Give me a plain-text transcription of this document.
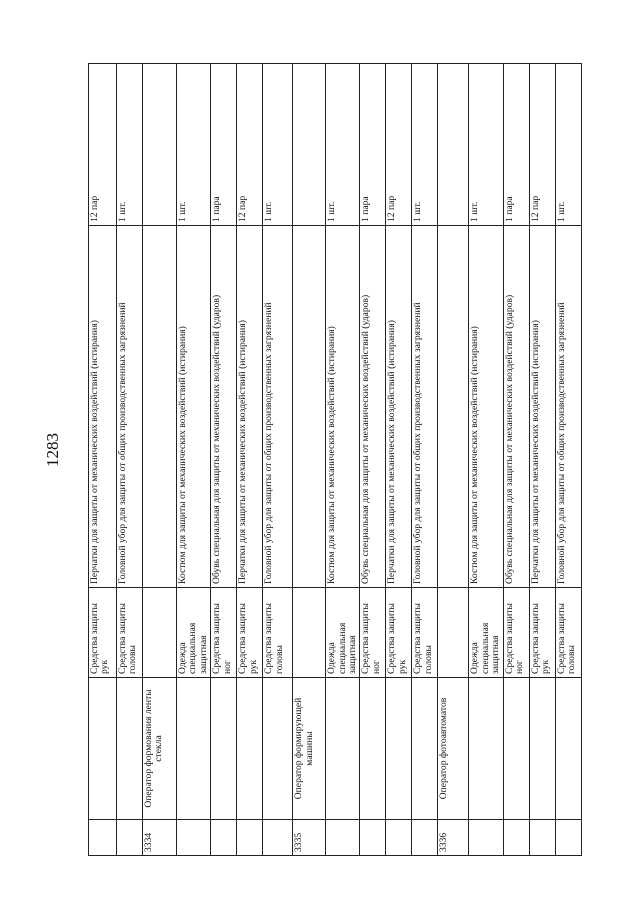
1283
		Средства защиты рук	Перчатки для защиты от механических воздействий (истирания)	12 пар
		Средства защиты головы	Головной убор для защиты от общих производственных загрязнений	1 шт.
3334	Оператор формования ленты стекла			
		Одежда специальная защитная	Костюм для защиты от механических воздействий (истирания)	1 шт.
		Средства защиты ног	Обувь специальная для защиты от механических воздействий (ударов)	1 пара
		Средства защиты рук	Перчатки для защиты от механических воздействий (истирания)	12 пар
		Средства защиты головы	Головной убор для защиты от общих производственных загрязнений	1 шт.
3335	Оператор формирующей машины			
		Одежда специальная защитная	Костюм для защиты от механических воздействий (истирания)	1 шт.
		Средства защиты ног	Обувь специальная для защиты от механических воздействий (ударов)	1 пара
		Средства защиты рук	Перчатки для защиты от механических воздействий (истирания)	12 пар
		Средства защиты головы	Головной убор для защиты от общих производственных загрязнений	1 шт.
3336	Оператор фотоавтоматов			
		Одежда специальная защитная	Костюм для защиты от механических воздействий (истирания)	1 шт.
		Средства защиты ног	Обувь специальная для защиты от механических воздействий (ударов)	1 пара
		Средства защиты рук	Перчатки для защиты от механических воздействий (истирания)	12 пар
		Средства защиты головы	Головной убор для защиты от общих производственных загрязнений	1 шт.
